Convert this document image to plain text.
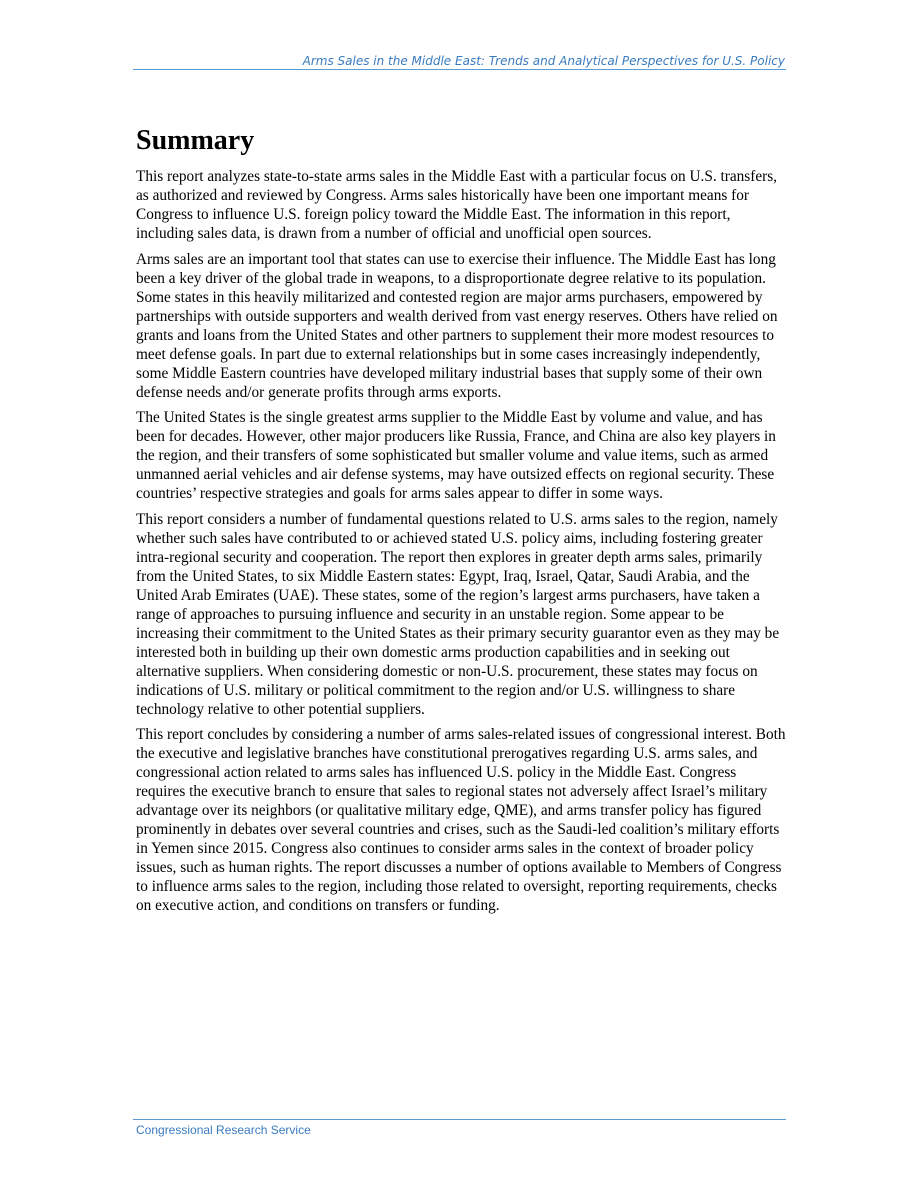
Arms Sales in the Middle East: Trends and Analytical Perspectives for U.S. Policy
Summary

This report analyzes state-to-state arms sales in the Middle East with a particular focus on U.S. transfers, as authorized and reviewed by Congress. Arms sales historically have been one important means for Congress to influence U.S. foreign policy toward the Middle East. The information in this report, including sales data, is drawn from a number of official and unofficial open sources.

Arms sales are an important tool that states can use to exercise their influence. The Middle East has long been a key driver of the global trade in weapons, to a disproportionate degree relative to its population. Some states in this heavily militarized and contested region are major arms purchasers, empowered by partnerships with outside supporters and wealth derived from vast energy reserves. Others have relied on grants and loans from the United States and other partners to supplement their more modest resources to meet defense goals. In part due to external relationships but in some cases increasingly independently, some Middle Eastern countries have developed military industrial bases that supply some of their own defense needs and/or generate profits through arms exports.

The United States is the single greatest arms supplier to the Middle East by volume and value, and has been for decades. However, other major producers like Russia, France, and China are also key players in the region, and their transfers of some sophisticated but smaller volume and value items, such as armed unmanned aerial vehicles and air defense systems, may have outsized effects on regional security. These countries’ respective strategies and goals for arms sales appear to differ in some ways.

This report considers a number of fundamental questions related to U.S. arms sales to the region, namely whether such sales have contributed to or achieved stated U.S. policy aims, including fostering greater intra-regional security and cooperation. The report then explores in greater depth arms sales, primarily from the United States, to six Middle Eastern states: Egypt, Iraq, Israel, Qatar, Saudi Arabia, and the United Arab Emirates (UAE). These states, some of the region’s largest arms purchasers, have taken a range of approaches to pursuing influence and security in an unstable region. Some appear to be increasing their commitment to the United States as their primary security guarantor even as they may be interested both in building up their own domestic arms production capabilities and in seeking out alternative suppliers. When considering domestic or non-U.S. procurement, these states may focus on indications of U.S. military or political commitment to the region and/or U.S. willingness to share technology relative to other potential suppliers.

This report concludes by considering a number of arms sales-related issues of congressional interest. Both the executive and legislative branches have constitutional prerogatives regarding U.S. arms sales, and congressional action related to arms sales has influenced U.S. policy in the Middle East. Congress requires the executive branch to ensure that sales to regional states not adversely affect Israel’s military advantage over its neighbors (or qualitative military edge, QME), and arms transfer policy has figured prominently in debates over several countries and crises, such as the Saudi-led coalition’s military efforts in Yemen since 2015. Congress also continues to consider arms sales in the context of broader policy issues, such as human rights. The report discusses a number of options available to Members of Congress to influence arms sales to the region, including those related to oversight, reporting requirements, checks on executive action, and conditions on transfers or funding.

Congressional Research Service
